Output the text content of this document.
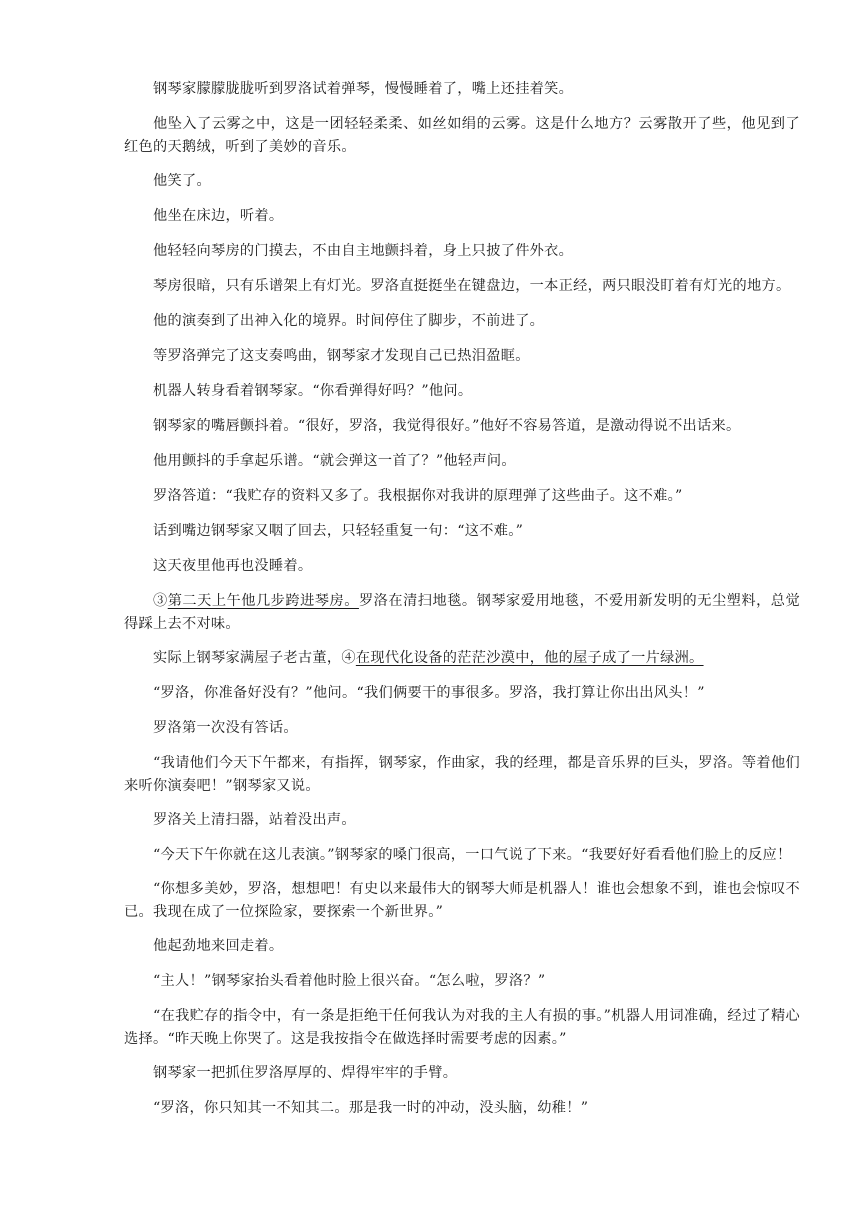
钢琴家朦朦胧胧听到罗洛试着弹琴，慢慢睡着了，嘴上还挂着笑。

他坠入了云雾之中，这是一团轻轻柔柔、如丝如绢的云雾。这是什么地方？云雾散开了些，他见到了红色的天鹅绒，听到了美妙的音乐。

他笑了。

他坐在床边，听着。

他轻轻向琴房的门摸去，不由自主地颤抖着，身上只披了件外衣。

琴房很暗，只有乐谱架上有灯光。罗洛直挺挺坐在键盘边，一本正经，两只眼没盯着有灯光的地方。

他的演奏到了出神入化的境界。时间停住了脚步，不前进了。

等罗洛弹完了这支奏鸣曲，钢琴家才发现自己已热泪盈眶。

机器人转身看着钢琴家。“你看弹得好吗？”他问。

钢琴家的嘴唇颤抖着。“很好，罗洛，我觉得很好。”他好不容易答道，是激动得说不出话来。

他用颤抖的手拿起乐谱。“就会弹这一首了？”他轻声问。

罗洛答道：“我贮存的资料又多了。我根据你对我讲的原理弹了这些曲子。这不难。”

话到嘴边钢琴家又咽了回去，只轻轻重复一句：“这不难。”

这天夜里他再也没睡着。

③第二天上午他几步跨进琴房。罗洛在清扫地毯。钢琴家爱用地毯，不爱用新发明的无尘塑料，总觉得踩上去不对味。

实际上钢琴家满屋子老古董，④在现代化设备的茫茫沙漠中，他的屋子成了一片绿洲。

“罗洛，你准备好没有？”他问。“我们俩要干的事很多。罗洛，我打算让你出出风头！”

罗洛第一次没有答话。

“我请他们今天下午都来，有指挥，钢琴家，作曲家，我的经理，都是音乐界的巨头，罗洛。等着他们来听你演奏吧！”钢琴家又说。

罗洛关上清扫器，站着没出声。

“今天下午你就在这儿表演。”钢琴家的嗓门很高，一口气说了下来。“我要好好看看他们脸上的反应！

“你想多美妙，罗洛，想想吧！有史以来最伟大的钢琴大师是机器人！谁也会想象不到，谁也会惊叹不已。我现在成了一位探险家，要探索一个新世界。”

他起劲地来回走着。

“主人！”钢琴家抬头看着他时脸上很兴奋。“怎么啦，罗洛？”

“在我贮存的指令中，有一条是拒绝干任何我认为对我的主人有损的事。”机器人用词准确，经过了精心选择。“昨天晚上你哭了。这是我按指令在做选择时需要考虑的因素。”

钢琴家一把抓住罗洛厚厚的、焊得牢牢的手臂。

“罗洛，你只知其一不知其二。那是我一时的冲动，没头脑，幼稚！”
